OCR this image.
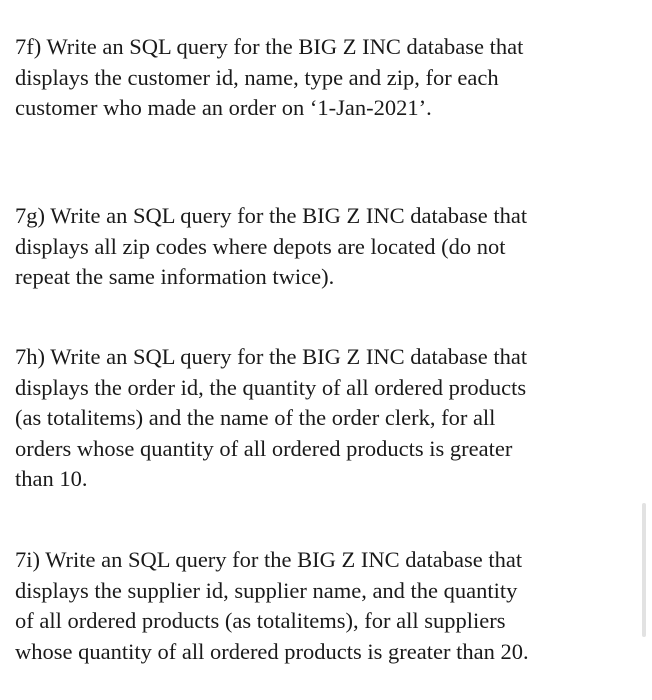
7f) Write an SQL query for the BIG Z INC database that
displays the customer id, name, type and zip, for each
customer who made an order on ‘1-Jan-2021’.

7g) Write an SQL query for the BIG Z INC database that
displays all zip codes where depots are located (do not
repeat the same information twice).

7h) Write an SQL query for the BIG Z INC database that
displays the order id, the quantity of all ordered products
(as totalitems) and the name of the order clerk, for all
orders whose quantity of all ordered products is greater
than 10.

7i) Write an SQL query for the BIG Z INC database that
displays the supplier id, supplier name, and the quantity
of all ordered products (as totalitems), for all suppliers
whose quantity of all ordered products is greater than 20.
